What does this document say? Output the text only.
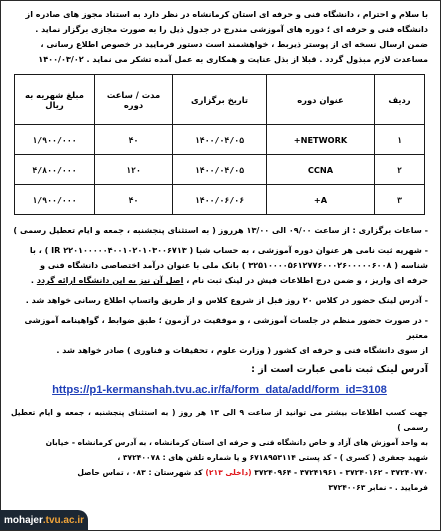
با سلام و احترام ، دانشگاه فنی و حرفه ای استان کرمانشاه در نظر دارد به استناد مجوز های صادره از

دانشگاه فنی و حرفه ای ؛ دوره های آموزشی مندرج در جدول ذیل را به صورت مجازی برگزار نماید .

ضمن ارسال نسخه ای از پوستر ذیربط ، خواهشمند است دستور فرمایید در خصوص اطلاع رسانی ،

مساعدت لازم مبذول گردد . قبلا از بذل عنایت و همکاری به عمل آمده تشکر می نماید . ۱۴۰۰/۰۳/۰۲

ردیف	عنوان دوره	تاریخ برگزاری	مدت / ساعت دوره	مبلغ شهریه به ریال
۱	NETWORK+	۱۴۰۰/۰۴/۰۵	۴۰	۱/۹۰۰/۰۰۰
۲	CCNA	۱۴۰۰/۰۴/۰۵	۱۲۰	۴/۸۰۰/۰۰۰
۳	A+	۱۴۰۰/۰۶/۰۶	۴۰	۱/۹۰۰/۰۰۰
- ساعات برگزاری : از ساعت ۰۹/۰۰ الی ۱۳/۰۰ هرروز ( به استثنای پنجشنبه ، جمعه و ایام تعطیل رسمی )
- شهریه ثبت نامی هر عنوان دوره آموزشی ، به حساب شبا ( IR ۲۲۰۱۰۰۰۰۰۴۰۰۱۰۲۰۱۰۳۰۰۶۷۱۳ ) ، با
شناسه ( ۳۲۵۱۰۰۰۰۵۶۱۲۷۷۶۰۰۰۲۶۰۰۰۰۰۶۰۰۸ ) بانک ملی با عنوان درآمد اختصاصی دانشگاه فنی و
حرفه ای واریز ، و ضمن درج اطلاعات فیش در لینک ثبت نام ، اصل آن نیز به این دانشگاه ارائه گردد .
- آدرس لینک حضور در کلاس ۲۰ روز قبل از شروع کلاس و از طریق واتساپ اطلاع رسانی خواهد شد .
- در صورت حضور منظم در جلسات آموزشی ، و موفقیت در آزمون ؛ طبق ضوابط ، گواهینامه آموزشی معتبر
از سوی دانشگاه فنی و حرفه ای کشور ( وزارت علوم ، تحقیقات و فناوری ) صادر خواهد شد .
آدرس لینک ثبت نامی عبارت است از :
https://p1-kermanshah.tvu.ac.ir/fa/form_data/add/form_id=3108

جهت کسب اطلاعات بیشتر می توانید از ساعت ۹ الی ۱۳ هر روز ( به استثنای پنجشنبه ، جمعه و ایام تعطیل رسمی )

به واحد آموزش های آزاد و خاص دانشگاه فنی و حرفه ای استان کرمانشاه ، به آدرس کرمانشاه - خیابان

شهید جعفری ( کسری ) - کد پستی ۶۷۱۸۹۵۳۱۱۴ و یا شماره تلفن های : ۳۷۲۴۰۰۷۸ ،

۳۷۲۴۰۷۷۰ - ۳۷۲۴۰۱۶۲ - ۳۷۲۴۱۹۶۱ - ۳۷۲۴۰۹۶۴ (داخلی ۲۱۳) کد شهرستان : ۰۸۳ ، تماس حاصل

فرمایید . - نمابر ۳۷۲۴۰۰۶۳

mohajer .tvu.ac. ir
